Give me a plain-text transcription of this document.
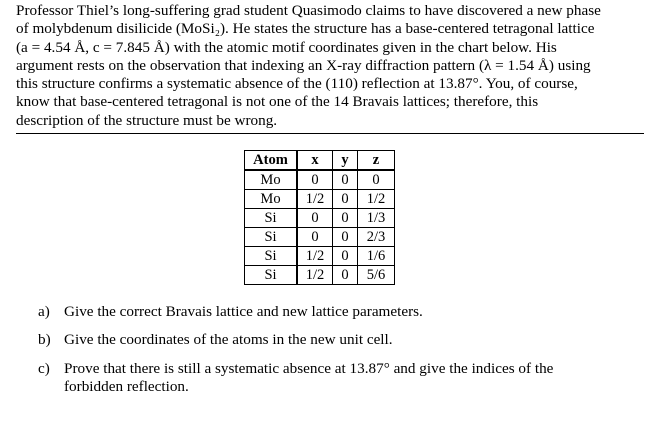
Professor Thiel’s long-suffering grad student Quasimodo claims to have discovered a new phase
of molybdenum disilicide (MoSi₂). He states the structure has a base-centered tetragonal lattice
(a = 4.54 Å, c = 7.845 Å) with the atomic motif coordinates given in the chart below. His
argument rests on the observation that indexing an X-ray diffraction pattern (λ = 1.54 Å) using
this structure confirms a systematic absence of the (110) reflection at 13.87°. You, of course,
know that base-centered tetragonal is not one of the 14 Bravais lattices; therefore, this
description of the structure must be wrong.
Atom	x	y	z
Mo	0	0	0
Mo	1/2	0	1/2
Si	0	0	1/3
Si	0	0	2/3
Si	1/2	0	1/6
Si	1/2	0	5/6
a) Give the correct Bravais lattice and new lattice parameters.
b) Give the coordinates of the atoms in the new unit cell.
c) Prove that there is still a systematic absence at 13.87° and give the indices of the
forbidden reflection.
